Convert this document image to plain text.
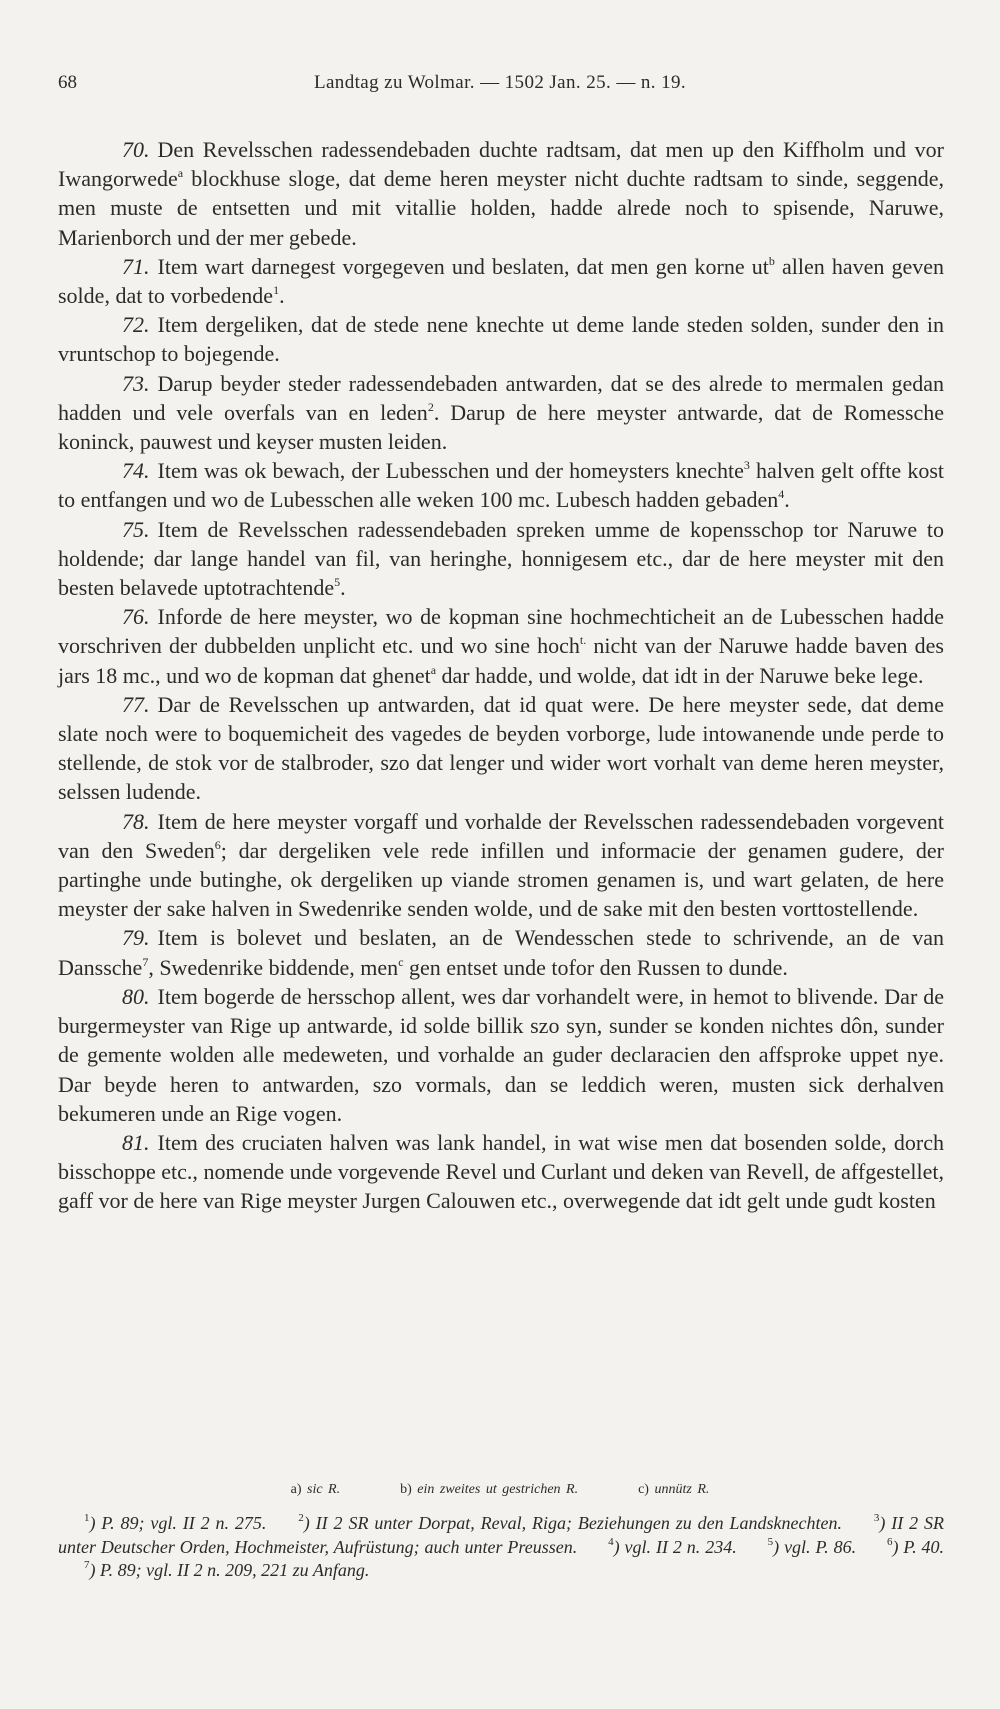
68	Landtag zu Wolmar. — 1502 Jan. 25. — n. 19.

70. Den Revelsschen radessendebaden duchte radtsam, dat men up den Kiffholm und vor Iwangorwede$^a$ blockhuse sloge, dat deme heren meyster nicht duchte radtsam to sinde, seggende, men muste de entsetten und mit vitallie holden, hadde alrede noch to spisende, Naruwe, Marienborch und der mer gebede.

71. Item wart darnegest vorgegeven und beslaten, dat men gen korne $ut^b$ allen haven geven solde, dat to vorbedende$^1$.

72. Item dergeliken, dat de stede nene knechte ut deme lande steden solden, sunder den in vruntschop to bojegende.

73. Darup beyder steder radessendebaden antwarden, dat se des alrede to mermalen gedan hadden und vele overfals van en leden$^2$. Darup de here meyster antwarde, dat de Romessche koninck, pauwest und keyser musten leiden.

74. Item was ok bewach, der Lubesschen und der homeysters knechte$^3$ halven gelt offte kost to entfangen und wo de Lubesschen alle weken 100 mc. Lubesch hadden gebaden$^4$.

75. Item de Revelsschen radessendebaden spreken umme de kopensschop tor Naruwe to holdende; dar lange handel van fil, van heringhe, honnigesem etc., dar de here meyster mit den besten belavede uptotrachtende$^5$.

76. Inforde de here meyster, wo de kopman sine hochmechticheit an de Lubesschen hadde vorschriven der dubbelden unplicht etc. und wo sine hoch$^{t.}$ nicht van der Naruwe hadde baven des jars 18 mc., und wo de kopman dat ghenet$^a$ dar hadde, und wolde, dat idt in der Naruwe beke lege.

77. Dar de Revelsschen up antwarden, dat id quat were. De here meyster sede, dat deme slate noch were to boquemicheit des vagedes de beyden vorborge, lude intowanende unde perde to stellende, de stok vor de stalbroder, szo dat lenger und wider wort vorhalt van deme heren meyster, selssen ludende.

78. Item de here meyster vorgaff und vorhalde der Revelsschen radessendebaden vorgevent van den Sweden$^6$; dar dergeliken vele rede infillen und informacie der genamen gudere, der partinghe unde butinghe, ok dergeliken up viande stromen genamen is, und wart gelaten, de here meyster der sake halven in Swedenrike senden wolde, und de sake mit den besten vorttostellende.

79. Item is bolevet und beslaten, an de Wendesschen stede to schrivende, an de van Dansschе$^7$, Swedenrike biddende, men$^c$ gen entset unde tofor den Russen to dunde.

80. Item bogerde de hersschop allent, wes dar vorhandelt were, in hemot to blivende. Dar de burgermeyster van Rige up antwarde, id solde billik szo syn, sunder se konden nichtes dôn, sunder de gemente wolden alle medeweten, und vorhalde an guder declaracien den affsproke uppet nye. Dar beyde heren to antwarden, szo vormals, dan se leddich weren, musten sick derhalven bekumeren unde an Rige vogen.

81. Item des cruciaten halven was lank handel, in wat wise men dat bosenden solde, dorch bisschoppe etc., nomende unde vorgevende Revel und Curlant und deken van Revell, de affgestellet, gaff vor de here van Rige meyster Jurgen Calouwen etc., overwegende dat idt gelt unde gudt kosten

a) sic R.	b) ein zweites ut gestrichen R.	c) unnütz R.
$^1$) P. 89; vgl. II 2 n. 275.	$^2$) II 2 SR unter Dorpat, Reval, Riga; Beziehungen zu den Landsknechten.	$^3$) II 2 SR unter Deutscher Orden, Hochmeister, Aufrüstung; auch unter Preussen.	$^4$) vgl. II 2 n. 234.	$^5$) vgl. P. 86.	$^6$) P. 40. $^7$) P. 89; vgl. II 2 n. 209, 221 zu Anfang.
